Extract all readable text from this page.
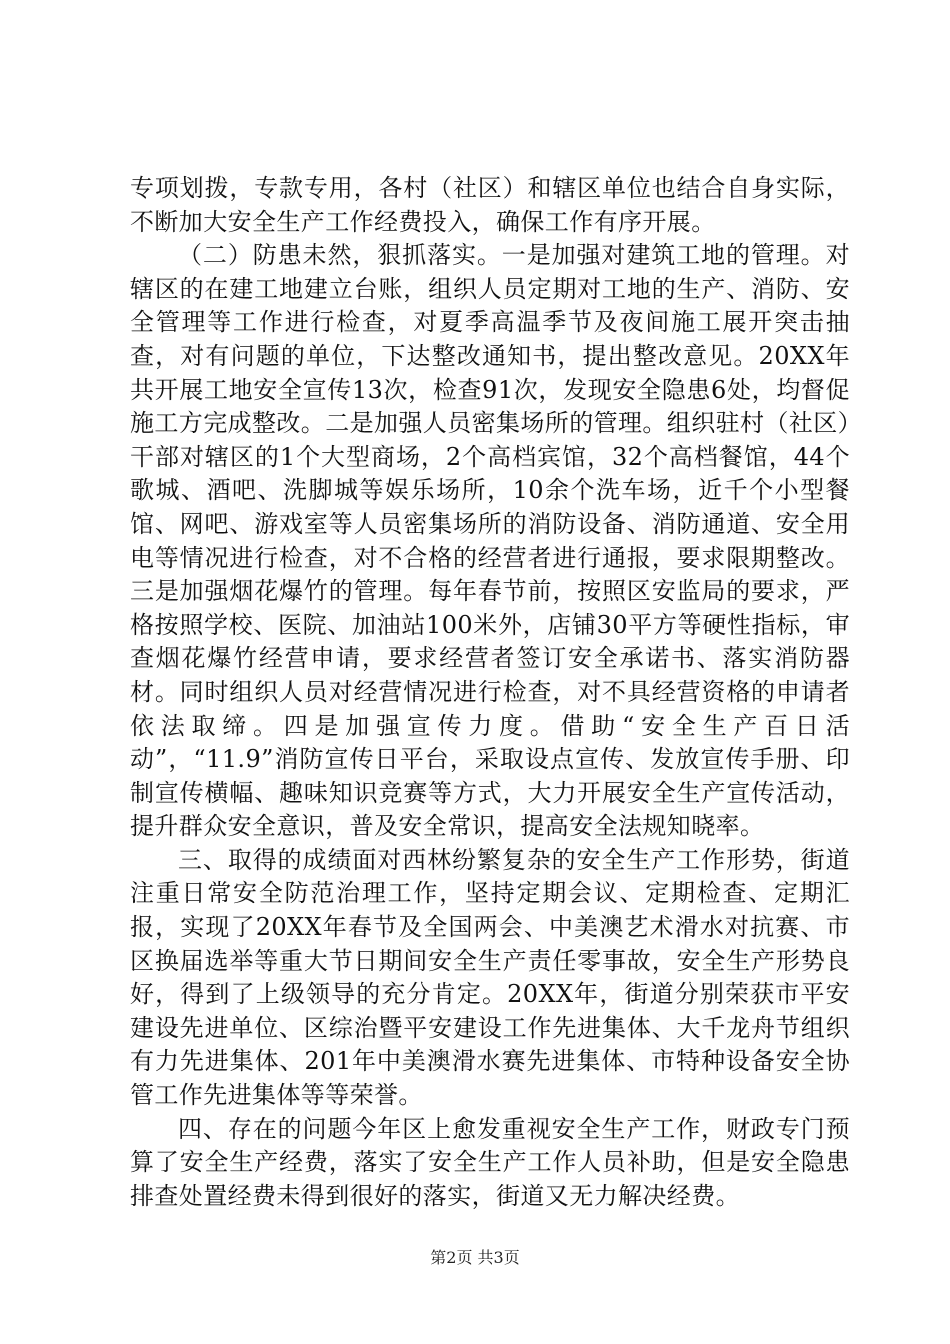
专项划拨，专款专用，各村（社区）和辖区单位也结合自身实际，不断加大安全生产工作经费投入，确保工作有序开展。

（二）防患未然，狠抓落实。一是加强对建筑工地的管理。对辖区的在建工地建立台账，组织人员定期对工地的生产、消防、安全管理等工作进行检查，对夏季高温季节及夜间施工展开突击抽查，对有问题的单位，下达整改通知书，提出整改意见。20XX年共开展工地安全宣传13次，检查91次，发现安全隐患6处，均督促施工方完成整改。二是加强人员密集场所的管理。组织驻村（社区）干部对辖区的1个大型商场，2个高档宾馆，32个高档餐馆，44个歌城、酒吧、洗脚城等娱乐场所，10余个洗车场，近千个小型餐馆、网吧、游戏室等人员密集场所的消防设备、消防通道、安全用电等情况进行检查，对不合格的经营者进行通报，要求限期整改。三是加强烟花爆竹的管理。每年春节前，按照区安监局的要求，严格按照学校、医院、加油站100米外，店铺30平方等硬性指标，审查烟花爆竹经营申请，要求经营者签订安全承诺书、落实消防器材。同时组织人员对经营情况进行检查，对不具经营资格的申请者依法取缔。四是加强宣传力度。借助“安全生产百日活动”，“11.9”消防宣传日平台，采取设点宣传、发放宣传手册、印制宣传横幅、趣味知识竞赛等方式，大力开展安全生产宣传活动，提升群众安全意识，普及安全常识，提高安全法规知晓率。

三、取得的成绩面对西林纷繁复杂的安全生产工作形势，街道注重日常安全防范治理工作，坚持定期会议、定期检查、定期汇报，实现了20XX年春节及全国两会、中美澳艺术滑水对抗赛、市区换届选举等重大节日期间安全生产责任零事故，安全生产形势良好，得到了上级领导的充分肯定。20XX年，街道分别荣获市平安建设先进单位、区综治暨平安建设工作先进集体、大千龙舟节组织有力先进集体、201年中美澳滑水赛先进集体、市特种设备安全协管工作先进集体等等荣誉。

四、存在的问题今年区上愈发重视安全生产工作，财政专门预算了安全生产经费，落实了安全生产工作人员补助，但是安全隐患排查处置经费未得到很好的落实，街道又无力解决经费。

第2页 共3页
